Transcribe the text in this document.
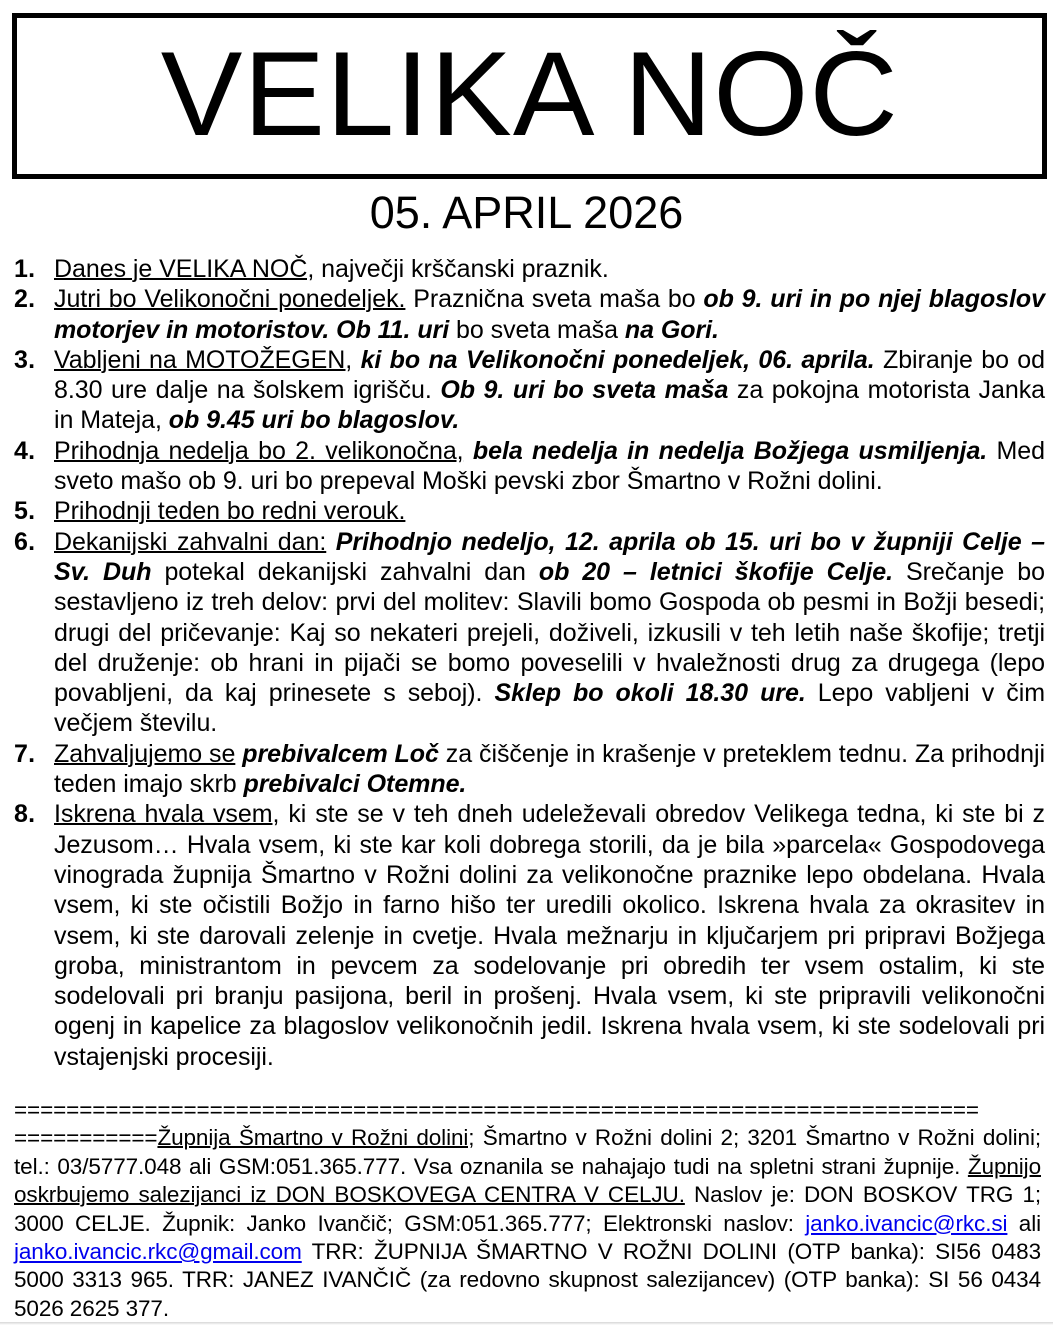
VELIKA NOČ
05. APRIL 2026
1. Danes je VELIKA NOČ, največji krščanski praznik.
2. Jutri bo Velikonočni ponedeljek. Praznična sveta maša bo ob 9. uri in po njej blagoslov motorjev in motoristov. Ob 11. uri bo sveta maša na Gori.
3. Vabljeni na MOTOŽEGEN, ki bo na Velikonočni ponedeljek, 06. aprila. Zbiranje bo od 8.30 ure dalje na šolskem igrišču. Ob 9. uri bo sveta maša za pokojna motorista Janka in Mateja, ob 9.45 uri bo blagoslov.
4. Prihodnja nedelja bo 2. velikonočna, bela nedelja in nedelja Božjega usmiljenja. Med sveto mašo ob 9. uri bo prepeval Moški pevski zbor Šmartno v Rožni dolini.
5. Prihodnji teden bo redni verouk.
6. Dekanijski zahvalni dan: Prihodnjo nedeljo, 12. aprila ob 15. uri bo v župniji Celje – Sv. Duh potekal dekanijski zahvalni dan ob 20 – letnici škofije Celje. Srečanje bo sestavljeno iz treh delov: prvi del molitev: Slavili bomo Gospoda ob pesmi in Božji besedi; drugi del pričevanje: Kaj so nekateri prejeli, doživeli, izkusili v teh letih naše škofije; tretji del druženje: ob hrani in pijači se bomo poveselili v hvaležnosti drug za drugega (lepo povabljeni, da kaj prinesete s seboj). Sklep bo okoli 18.30 ure. Lepo vabljeni v čim večjem številu.
7. Zahvaljujemo se prebivalcem Loč za čiščenje in krašenje v preteklem tednu. Za prihodnji teden imajo skrb prebivalci Otemne.
8. Iskrena hvala vsem, ki ste se v teh dneh udeleževali obredov Velikega tedna, ki ste bi z Jezusom… Hvala vsem, ki ste kar koli dobrega storili, da je bila »parcela« Gospodovega vinograda župnija Šmartno v Rožni dolini za velikonočne praznike lepo obdelana. Hvala vsem, ki ste očistili Božjo in farno hišo ter uredili okolico. Iskrena hvala za okrasitev in vsem, ki ste darovali zelenje in cvetje. Hvala mežnarju in ključarjem pri pripravi Božjega groba, ministrantom in pevcem za sodelovanje pri obredih ter vsem ostalim, ki ste sodelovali pri branju pasijona, beril in prošenj. Hvala vsem, ki ste pripravili velikonočni ogenj in kapelice za blagoslov velikonočnih jedil. Iskrena hvala vsem, ki ste sodelovali pri vstajenjski procesiji.
==========================================================================
===========Župnija Šmartno v Rožni dolini; Šmartno v Rožni dolini 2; 3201 Šmartno v Rožni dolini; tel.: 03/5777.048 ali GSM:051.365.777. Vsa oznanila se nahajajo tudi na spletni strani župnije. Župnijo oskrbujemo salezijanci iz DON BOSKOVEGA CENTRA V CELJU. Naslov je: DON BOSKOV TRG 1; 3000 CELJE. Župnik: Janko Ivančič; GSM:051.365.777; Elektronski naslov: janko.ivancic@rkc.si ali janko.ivancic.rkc@gmail.com TRR: ŽUPNIJA ŠMARTNO V ROŽNI DOLINI (OTP banka): SI56 0483 5000 3313 965. TRR: JANEZ IVANČIČ (za redovno skupnost salezijancev) (OTP banka): SI 56 0434 5026 2625 377.
